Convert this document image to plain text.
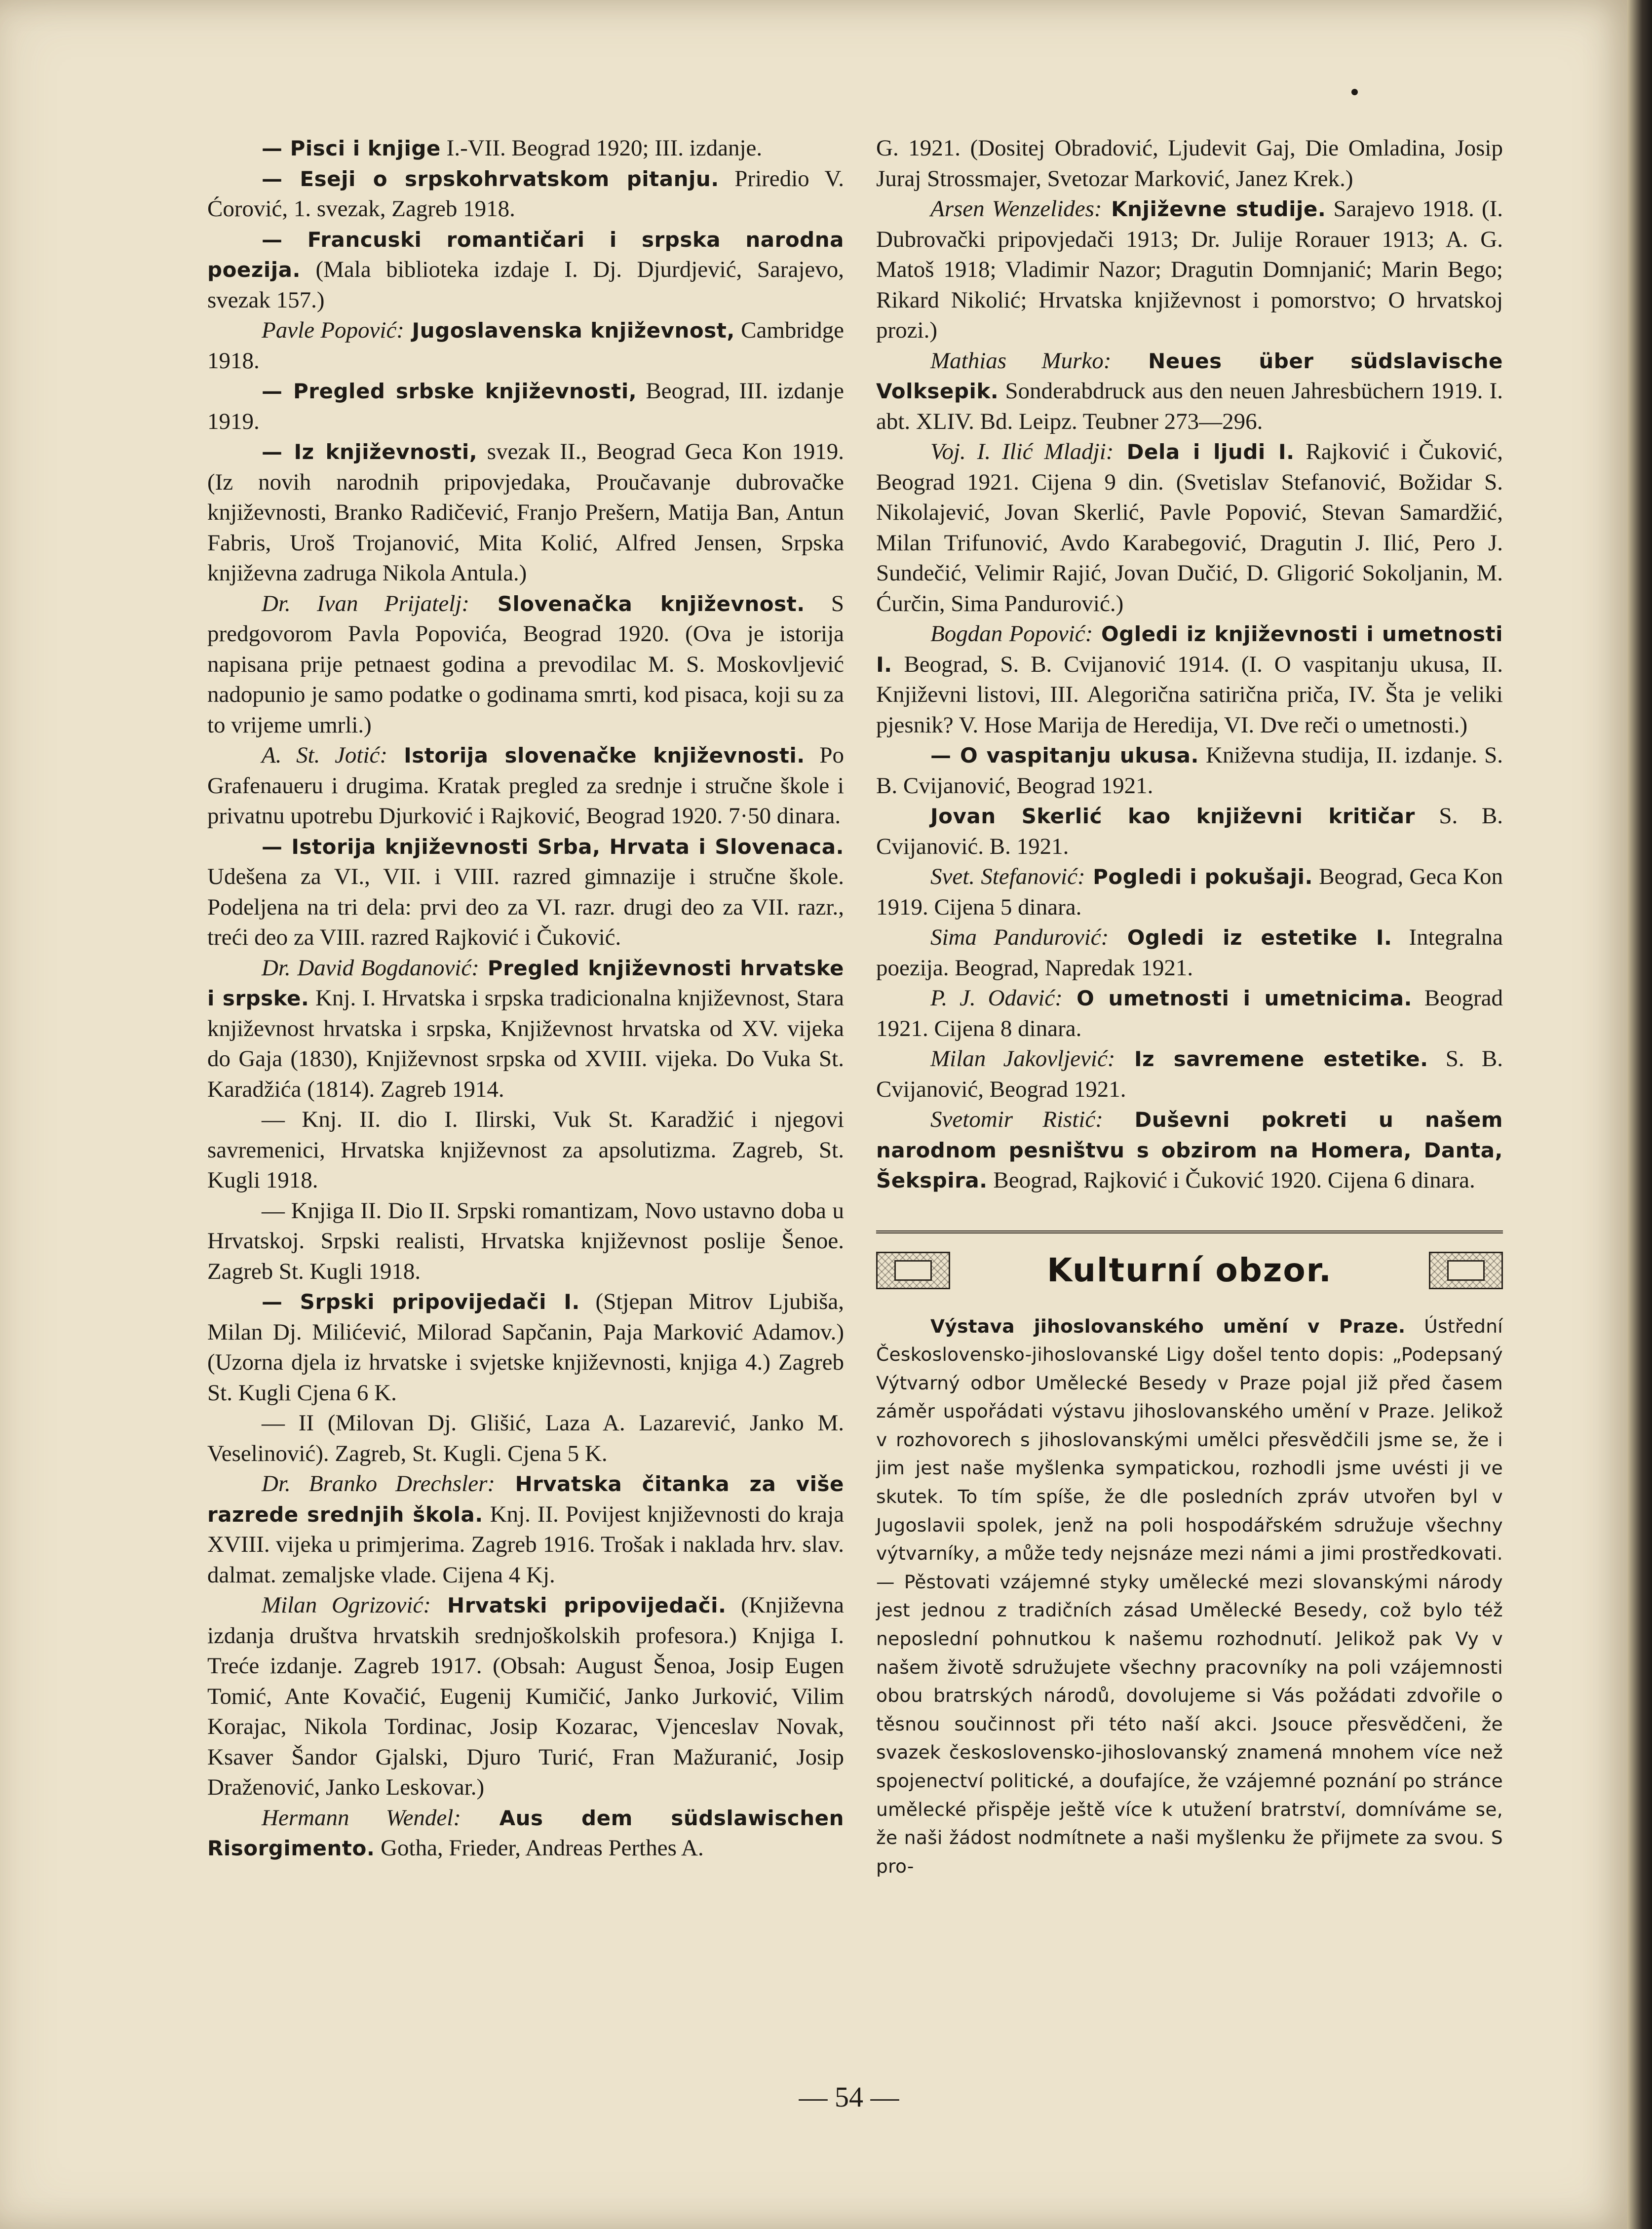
— Pisci i knjige I.-VII. Beograd 1920; III. izdanje.

— Eseji o srpskohrvatskom pitanju. Priredio V. Ćorović, 1. svezak, Zagreb 1918.

— Francuski romantičari i srpska narodna poezija. (Mala biblioteka izdaje I. Dj. Djurdjević, Sarajevo, svezak 157.)

Pavle Popović: Jugoslavenska književnost, Cambridge 1918.

— Pregled srbske književnosti, Beograd, III. izdanje 1919.

— Iz književnosti, svezak II., Beograd Geca Kon 1919. (Iz novih narodnih pripovjedaka, Proučavanje dubrovačke književnosti, Branko Radičević, Franjo Prešern, Matija Ban, Antun Fabris, Uroš Trojanović, Mita Kolić, Alfred Jensen, Srpska književna zadruga Nikola Antula.)

Dr. Ivan Prijatelj: Slovenačka književnost. S predgovorom Pavla Popovića, Beograd 1920. (Ova je istorija napisana prije petnaest godina a prevodilac M. S. Moskovljević nadopunio je samo podatke o godinama smrti, kod pisaca, koji su za to vrijeme umrli.)

A. St. Jotić: Istorija slovenačke književnosti. Po Grafenaueru i drugima. Kratak pregled za srednje i stručne škole i privatnu upotrebu Djurković i Rajković, Beograd 1920. 7·50 dinara.

— Istorija književnosti Srba, Hrvata i Slovenaca. Udešena za VI., VII. i VIII. razred gimnazije i stručne škole. Podeljena na tri dela: prvi deo za VI. razr. drugi deo za VII. razr., treći deo za VIII. razred Rajković i Čuković.

Dr. David Bogdanović: Pregled književnosti hrvatske i srpske. Knj. I. Hrvatska i srpska tradicionalna književnost, Stara književnost hrvatska i srpska, Književnost hrvatska od XV. vijeka do Gaja (1830), Književnost srpska od XVIII. vijeka. Do Vuka St. Karadžića (1814). Zagreb 1914.

— Knj. II. dio I. Ilirski, Vuk St. Karadžić i njegovi savremenici, Hrvatska književnost za apsolutizma. Zagreb, St. Kugli 1918.

— Knjiga II. Dio II. Srpski romantizam, Novo ustavno doba u Hrvatskoj. Srpski realisti, Hrvatska književnost poslije Šenoe. Zagreb St. Kugli 1918.

— Srpski pripovijedači I. (Stjepan Mitrov Ljubiša, Milan Dj. Milićević, Milorad Sapčanin, Paja Marković Adamov.) (Uzorna djela iz hrvatske i svjetske književnosti, knjiga 4.) Zagreb St. Kugli Cjena 6 K.

— II (Milovan Dj. Glišić, Laza A. Lazarević, Janko M. Veselinović). Zagreb, St. Kugli. Cjena 5 K.

Dr. Branko Drechsler: Hrvatska čitanka za više razrede srednjih škola. Knj. II. Povijest književnosti do kraja XVIII. vijeka u primjerima. Zagreb 1916. Trošak i naklada hrv. slav. dalmat. zemaljske vlade. Cijena 4 Kj.

Milan Ogrizović: Hrvatski pripovijedači. (Književna izdanja društva hrvatskih srednjoškolskih profesora.) Knjiga I. Treće izdanje. Zagreb 1917. (Obsah: August Šenoa, Josip Eugen Tomić, Ante Kovačić, Eugenij Kumičić, Janko Jurković, Vilim Korajac, Nikola Tordinac, Josip Kozarac, Vjenceslav Novak, Ksaver Šandor Gjalski, Djuro Turić, Fran Mažuranić, Josip Draženović, Janko Leskovar.)

Hermann Wendel: Aus dem südslawischen Risorgimento. Gotha, Frieder, Andreas Perthes A.

G. 1921. (Dositej Obradović, Ljudevit Gaj, Die Omladina, Josip Juraj Strossmajer, Svetozar Marković, Janez Krek.)

Arsen Wenzelides: Književne studije. Sarajevo 1918. (I. Dubrovački pripovjedači 1913; Dr. Julije Rorauer 1913; A. G. Matoš 1918; Vladimir Nazor; Dragutin Domnjanić; Marin Bego; Rikard Nikolić; Hrvatska književnost i pomorstvo; O hrvatskoj prozi.)

Mathias Murko: Neues über südslavische Volksepik. Sonderabdruck aus den neuen Jahresbüchern 1919. I. abt. XLIV. Bd. Leipz. Teubner 273—296.

Voj. I. Ilić Mladji: Dela i ljudi I. Rajković i Čuković, Beograd 1921. Cijena 9 din. (Svetislav Stefanović, Božidar S. Nikolajević, Jovan Skerlić, Pavle Popović, Stevan Samardžić, Milan Trifunović, Avdo Karabegović, Dragutin J. Ilić, Pero J. Sundečić, Velimir Rajić, Jovan Dučić, D. Gligorić Sokoljanin, M. Ćurčin, Sima Pandurović.)

Bogdan Popović: Ogledi iz književnosti i umetnosti I. Beograd, S. B. Cvijanović 1914. (I. O vaspitanju ukusa, II. Književni listovi, III. Alegorična satirična priča, IV. Šta je veliki pjesnik? V. Hose Marija de Heredija, VI. Dve reči o umetnosti.)

— O vaspitanju ukusa. Kniževna studija, II. izdanje. S. B. Cvijanović, Beograd 1921.

Jovan Skerlić kao književni kritičar S. B. Cvijanović. B. 1921.

Svet. Stefanović: Pogledi i pokušaji. Beograd, Geca Kon 1919. Cijena 5 dinara.

Sima Pandurović: Ogledi iz estetike I. Integralna poezija. Beograd, Napredak 1921.

P. J. Odavić: O umetnosti i umetnicima. Beograd 1921. Cijena 8 dinara.

Milan Jakovljević: Iz savremene estetike. S. B. Cvijanović, Beograd 1921.

Svetomir Ristić: Duševni pokreti u našem narodnom pesništvu s obzirom na Homera, Danta, Šekspira. Beograd, Rajković i Čuković 1920. Cijena 6 dinara.

Kulturní obzor.

Výstava jihoslovanského umění v Praze. Ústřední Československo-jihoslovanské Ligy došel tento dopis: „Podepsaný Výtvarný odbor Umělecké Besedy v Praze pojal již před časem záměr uspořádati výstavu jihoslovanského umění v Praze. Jelikož v rozhovorech s jihoslovanskými umělci přesvědčili jsme se, že i jim jest naše myšlenka sympatickou, rozhodli jsme uvésti ji ve skutek. To tím spíše, že dle posledních zpráv utvořen byl v Jugoslavii spolek, jenž na poli hospodářském sdružuje všechny výtvarníky, a může tedy nejsnáze mezi námi a jimi prostředkovati. — Pěstovati vzájemné styky umělecké mezi slovanskými národy jest jednou z tradičních zásad Umělecké Besedy, což bylo též neposlední pohnutkou k našemu rozhodnutí. Jelikož pak Vy v našem životě sdružujete všechny pracovníky na poli vzájemnosti obou bratrských národů, dovolujeme si Vás požádati zdvořile o těsnou součinnost při této naší akci. Jsouce přesvědčeni, že svazek československo-jihoslovanský znamená mnohem více než spojenectví politické, a doufajíce, že vzájemné poznání po stránce umělecké přispěje ještě více k utužení bratrství, domníváme se, že naši žádost nodmítnete a naši myšlenku že přijmete za svou. S pro-

— 54 —
